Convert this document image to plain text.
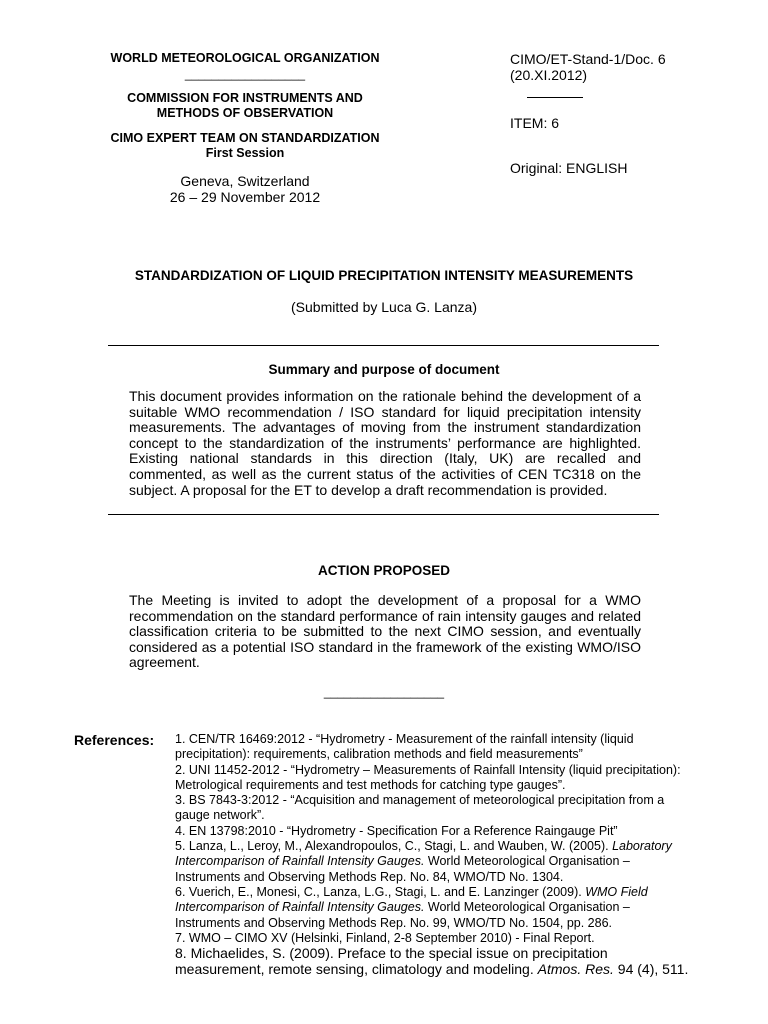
WORLD METEOROLOGICAL ORGANIZATION
__________________
COMMISSION FOR INSTRUMENTS AND
METHODS OF OBSERVATION
CIMO EXPERT TEAM ON STANDARDIZATION
First Session
Geneva, Switzerland
26 – 29 November 2012
CIMO/ET-Stand-1/Doc. 6
(20.XI.2012)
ITEM: 6
Original: ENGLISH
STANDARDIZATION OF LIQUID PRECIPITATION INTENSITY MEASUREMENTS
(Submitted by Luca G. Lanza)
Summary and purpose of document
This document provides information on the rationale behind the development of a suitable WMO recommendation / ISO standard for liquid precipitation intensity measurements. The advantages of moving from the instrument standardization concept to the standardization of the instruments’ performance are highlighted. Existing national standards in this direction (Italy, UK) are recalled and commented, as well as the current status of the activities of CEN TC318 on the subject. A proposal for the ET to develop a draft recommendation is provided.
ACTION PROPOSED
The Meeting is invited to adopt the development of a proposal for a WMO recommendation on the standard performance of rain intensity gauges and related classification criteria to be submitted to the next CIMO session, and eventually considered as a potential ISO standard in the framework of the existing WMO/ISO agreement.
__________________
References: 1. CEN/TR 16469:2012 - “Hydrometry - Measurement of the rainfall intensity (liquid precipitation): requirements, calibration methods and field measurements”

2. UNI 11452-2012 - “Hydrometry – Measurements of Rainfall Intensity (liquid precipitation): Metrological requirements and test methods for catching type gauges”.

3. BS 7843-3:2012 - “Acquisition and management of meteorological precipitation from a gauge network”.

4. EN 13798:2010 - “Hydrometry - Specification For a Reference Raingauge Pit”

5. Lanza, L., Leroy, M., Alexandropoulos, C., Stagi, L. and Wauben, W. (2005). Laboratory Intercomparison of Rainfall Intensity Gauges. World Meteorological Organisation – Instruments and Observing Methods Rep. No. 84, WMO/TD No. 1304.

6. Vuerich, E., Monesi, C., Lanza, L.G., Stagi, L. and E. Lanzinger (2009). WMO Field Intercomparison of Rainfall Intensity Gauges. World Meteorological Organisation – Instruments and Observing Methods Rep. No. 99, WMO/TD No. 1504, pp. 286.

7. WMO – CIMO XV (Helsinki, Finland, 2-8 September 2010) - Final Report.

8. Michaelides, S. (2009). Preface to the special issue on precipitation measurement, remote sensing, climatology and modeling. Atmos. Res. 94 (4), 511.
